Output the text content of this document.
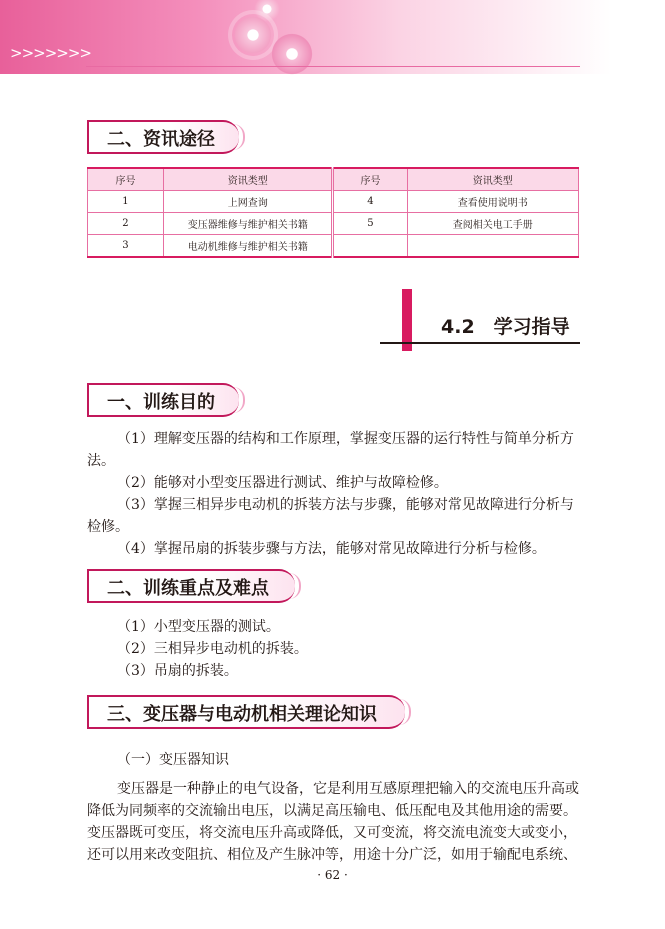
>>>>>>>
二、资讯途径
序号	资讯类型	序号	资讯类型
1	上网查询	4	查看使用说明书
2	变压器维修与维护相关书籍	5	查阅相关电工手册
3	电动机维修与维护相关书籍		
4.2　学习指导
一、训练目的

（1）理解变压器的结构和工作原理，掌握变压器的运行特性与简单分析方法。

（2）能够对小型变压器进行测试、维护与故障检修。

（3）掌握三相异步电动机的拆装方法与步骤，能够对常见故障进行分析与检修。

（4）掌握吊扇的拆装步骤与方法，能够对常见故障进行分析与检修。

二、训练重点及难点

（1）小型变压器的测试。

（2）三相异步电动机的拆装。

（3）吊扇的拆装。

三、变压器与电动机相关理论知识
（一）变压器知识

变压器是一种静止的电气设备，它是利用互感原理把输入的交流电压升高或降低为同频率的交流输出电压，以满足高压输电、低压配电及其他用途的需要。变压器既可变压，将交流电压升高或降低，又可变流，将交流电流变大或变小，还可以用来改变阻抗、相位及产生脉冲等，用途十分广泛，如用于输配电系统、

· 62 ·
